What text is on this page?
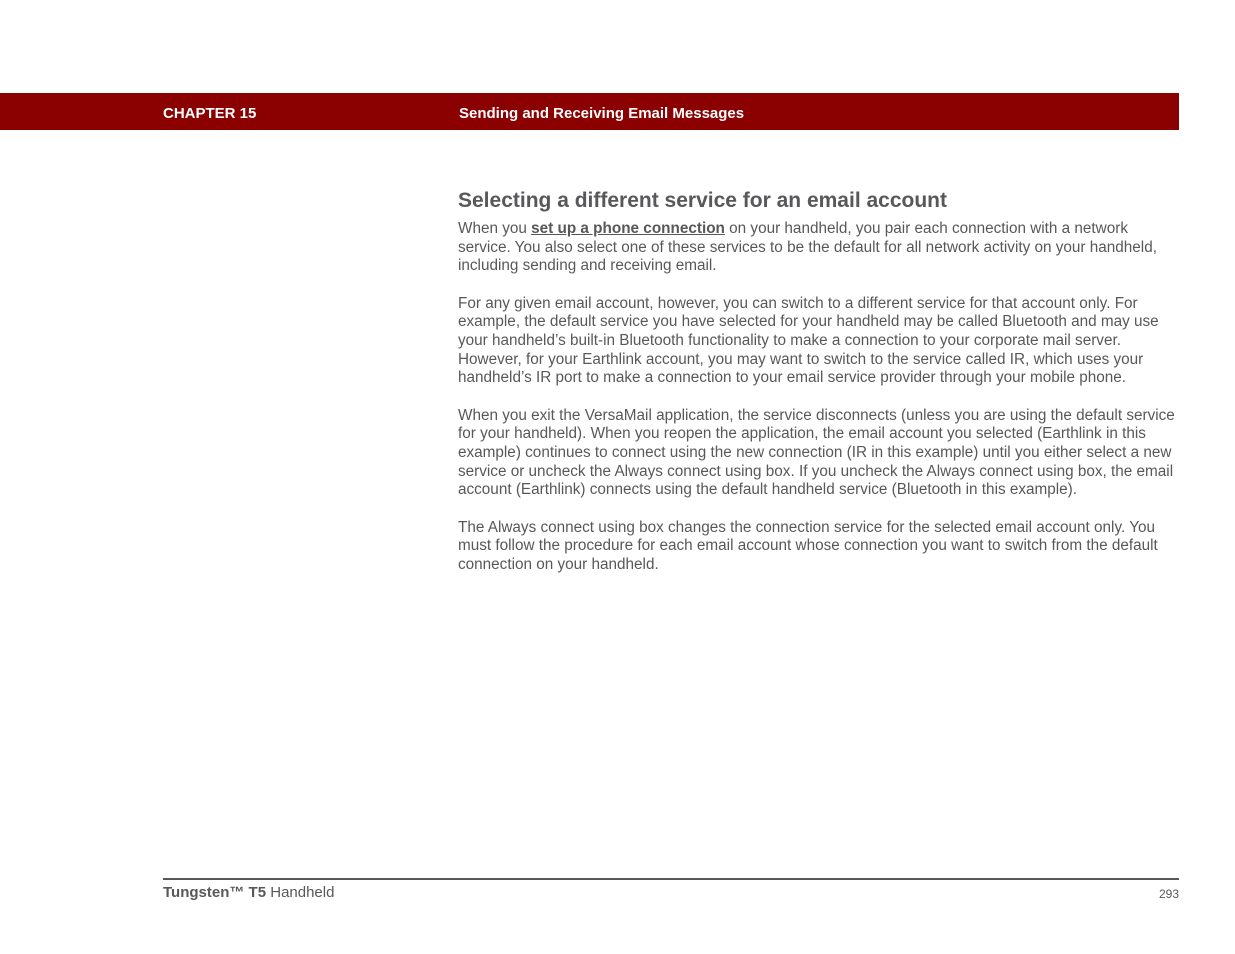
CHAPTER 15	Sending and Receiving Email Messages
Selecting a different service for an email account

When you set up a phone connection on your handheld, you pair each connection with a network service. You also select one of these services to be the default for all network activity on your handheld, including sending and receiving email.

For any given email account, however, you can switch to a different service for that account only. For example, the default service you have selected for your handheld may be called Bluetooth and may use your handheld’s built-in Bluetooth functionality to make a connection to your corporate mail server. However, for your Earthlink account, you may want to switch to the service called IR, which uses your handheld’s IR port to make a connection to your email service provider through your mobile phone.

When you exit the VersaMail application, the service disconnects (unless you are using the default service for your handheld). When you reopen the application, the email account you selected (Earthlink in this example) continues to connect using the new connection (IR in this example) until you either select a new service or uncheck the Always connect using box. If you uncheck the Always connect using box, the email account (Earthlink) connects using the default handheld service (Bluetooth in this example).

The Always connect using box changes the connection service for the selected email account only. You must follow the procedure for each email account whose connection you want to switch from the default connection on your handheld.

Tungsten™ T5 Handheld	293
